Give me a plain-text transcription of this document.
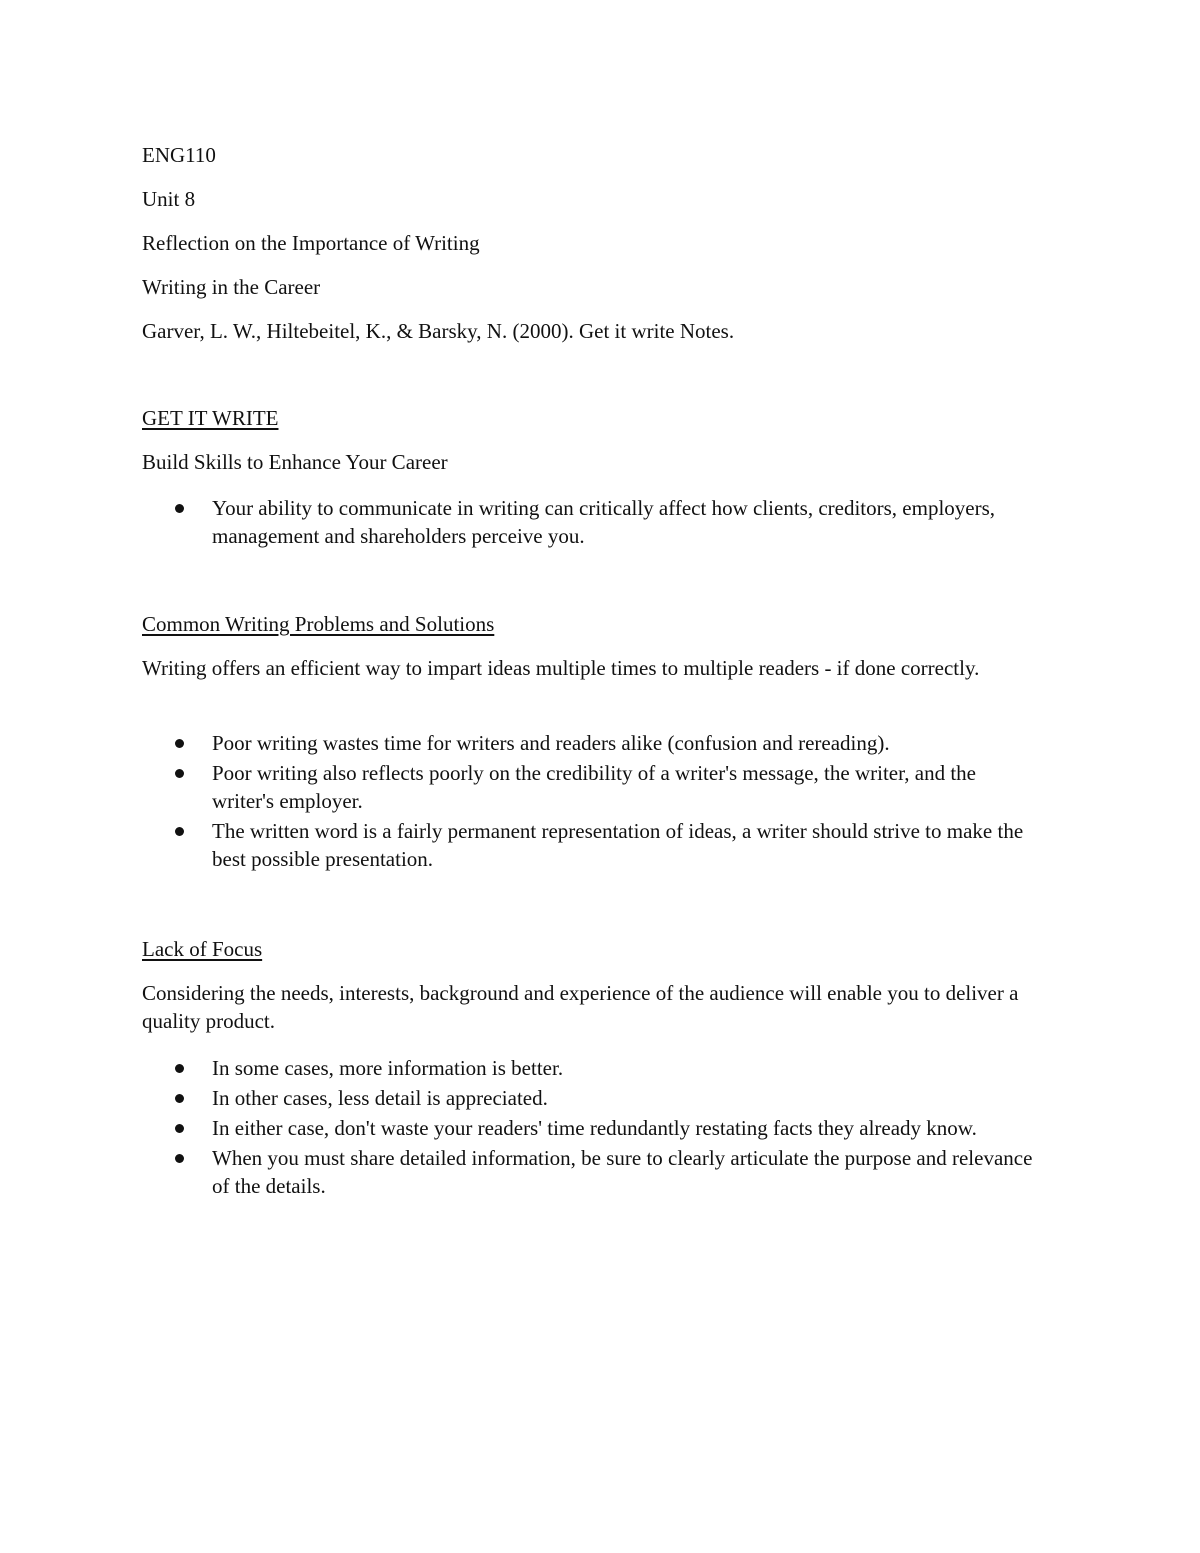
ENG110
Unit 8
Reflection on the Importance of Writing
Writing in the Career
Garver, L. W., Hiltebeitel, K., & Barsky, N. (2000). Get it write Notes.
GET IT WRITE
Build Skills to Enhance Your Career
Your ability to communicate in writing can critically affect how clients, creditors, employers, management and shareholders perceive you.
Common Writing Problems and Solutions
Writing offers an efficient way to impart ideas multiple times to multiple readers - if done correctly.
Poor writing wastes time for writers and readers alike (confusion and rereading).
Poor writing also reflects poorly on the credibility of a writer's message, the writer, and the writer's employer.
The written word is a fairly permanent representation of ideas, a writer should strive to make the best possible presentation.
Lack of Focus
Considering the needs, interests, background and experience of the audience will enable you to deliver a quality product.
In some cases, more information is better.
In other cases, less detail is appreciated.
In either case, don't waste your readers' time redundantly restating facts they already know.
When you must share detailed information, be sure to clearly articulate the purpose and relevance of the details.
